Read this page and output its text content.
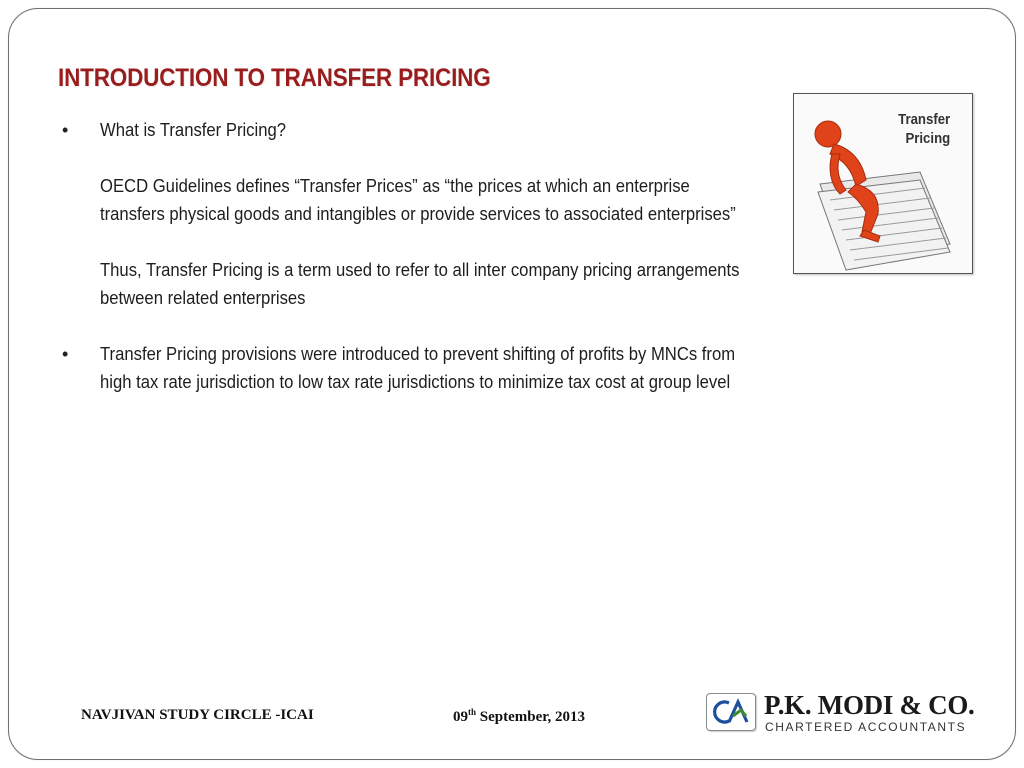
INTRODUCTION TO TRANSFER PRICING
• What is Transfer Pricing?
OECD Guidelines defines “Transfer Prices” as “the prices at which an enterprise transfers physical goods and intangibles or provide services to associated enterprises”
Thus, Transfer Pricing is a term used to refer to all inter company pricing arrangements between related enterprises
• Transfer Pricing provisions were introduced to prevent shifting of profits by MNCs from high tax rate jurisdiction to low tax rate jurisdictions to minimize tax cost at group level
Transfer
Pricing
NAVJIVAN STUDY CIRCLE -ICAI	09th September, 2013	P.K. MODI & CO.
CHARTERED ACCOUNTANTS
